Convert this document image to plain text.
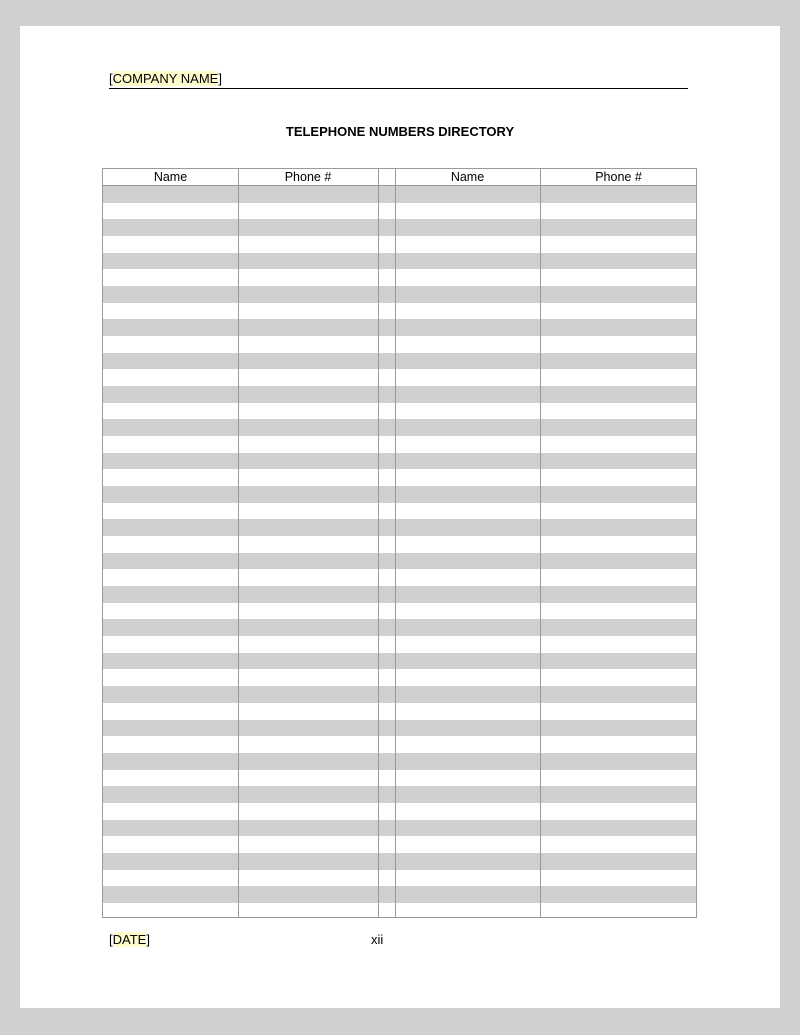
[COMPANY NAME]
TELEPHONE NUMBERS DIRECTORY
Name	Phone #	Name	Phone #
[DATE]	xii
